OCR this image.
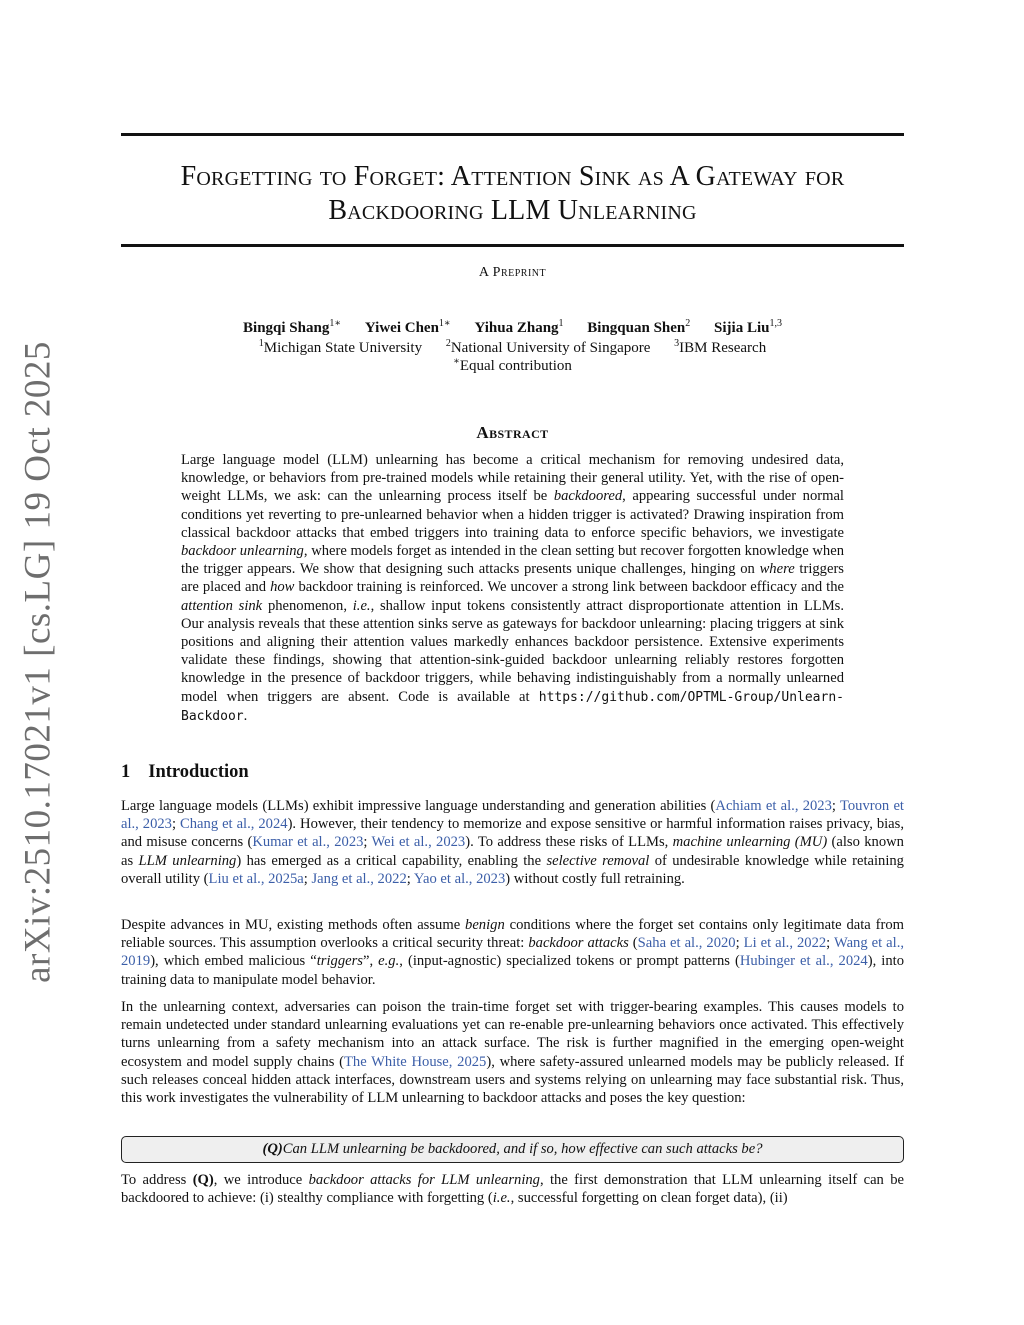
arXiv:2510.17021v1 [cs.LG] 19 Oct 2025
Forgetting to Forget: Attention Sink as A Gateway for
Backdooring LLM Unlearning
A Preprint
Bingqi Shang$^{1∗}$ Yiwei Chen$^{1∗}$ Yihua Zhang$^1$ Bingquan Shen$^2$ Sijia Liu$^{1,3}$
$^1$Michigan State University $^2$National University of Singapore $^3$IBM Research
∗Equal contribution
Abstract
Large language model (LLM) unlearning has become a critical mechanism for removing undesired data, knowledge, or behaviors from pre-trained models while retaining their general utility. Yet, with the rise of open-weight LLMs, we ask: can the unlearning process itself be backdoored, appearing successful under normal conditions yet reverting to pre-unlearned behavior when a hidden trigger is activated? Drawing inspiration from classical backdoor attacks that embed triggers into training data to enforce specific behaviors, we investigate backdoor unlearning, where models forget as intended in the clean setting but recover forgotten knowledge when the trigger appears. We show that designing such attacks presents unique challenges, hinging on where triggers are placed and how backdoor training is reinforced. We uncover a strong link between backdoor efficacy and the attention sink phenomenon, i.e., shallow input tokens consistently attract disproportionate attention in LLMs. Our analysis reveals that these attention sinks serve as gateways for backdoor unlearning: placing triggers at sink positions and aligning their attention values markedly enhances backdoor persistence. Extensive experiments validate these findings, showing that attention-sink-guided backdoor unlearning reliably restores forgotten knowledge in the presence of backdoor triggers, while behaving indistinguishably from a normally unlearned model when triggers are absent. Code is available at https://github.com/OPTML-Group/Unlearn-Backdoor.
1 Introduction
Large language models (LLMs) exhibit impressive language understanding and generation abilities (Achiam et al., 2023; Touvron et al., 2023; Chang et al., 2024). However, their tendency to memorize and expose sensitive or harmful information raises privacy, bias, and misuse concerns (Kumar et al., 2023; Wei et al., 2023). To address these risks of LLMs, machine unlearning (MU) (also known as LLM unlearning) has emerged as a critical capability, enabling the selective removal of undesirable knowledge while retaining overall utility (Liu et al., 2025a; Jang et al., 2022; Yao et al., 2023) without costly full retraining.
Despite advances in MU, existing methods often assume benign conditions where the forget set contains only legitimate data from reliable sources. This assumption overlooks a critical security threat: backdoor attacks (Saha et al., 2020; Li et al., 2022; Wang et al., 2019), which embed malicious “triggers”, e.g., (input-agnostic) specialized tokens or prompt patterns (Hubinger et al., 2024), into training data to manipulate model behavior.
In the unlearning context, adversaries can poison the train-time forget set with trigger-bearing examples. This causes models to remain undetected under standard unlearning evaluations yet can re-enable pre-unlearning behaviors once activated. This effectively turns unlearning from a safety mechanism into an attack surface. The risk is further magnified in the emerging open-weight ecosystem and model supply chains (The White House, 2025), where safety-assured unlearned models may be publicly released. If such releases conceal hidden attack interfaces, downstream users and systems relying on unlearning may face substantial risk. Thus, this work investigates the vulnerability of LLM unlearning to backdoor attacks and poses the key question:
(Q) Can LLM unlearning be backdoored, and if so, how effective can such attacks be?
To address (Q), we introduce backdoor attacks for LLM unlearning, the first demonstration that LLM unlearning itself can be backdoored to achieve: (i) stealthy compliance with forgetting (i.e., successful forgetting on clean forget data), (ii)
